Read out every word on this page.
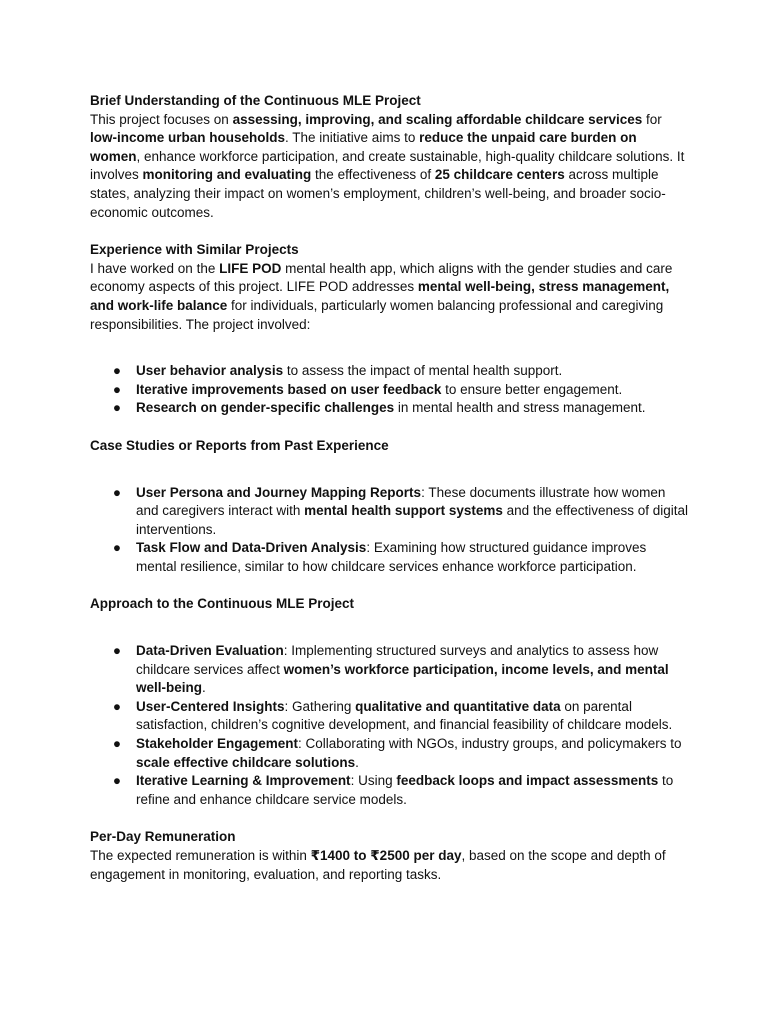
Brief Understanding of the Continuous MLE Project

This project focuses on assessing, improving, and scaling affordable childcare services for low-income urban households. The initiative aims to reduce the unpaid care burden on women, enhance workforce participation, and create sustainable, high-quality childcare solutions. It involves monitoring and evaluating the effectiveness of 25 childcare centers across multiple states, analyzing their impact on women’s employment, children’s well-being, and broader socio-economic outcomes.

Experience with Similar Projects

I have worked on the LIFE POD mental health app, which aligns with the gender studies and care economy aspects of this project. LIFE POD addresses mental well-being, stress management, and work-life balance for individuals, particularly women balancing professional and caregiving responsibilities. The project involved:

● User behavior analysis to assess the impact of mental health support.
● Iterative improvements based on user feedback to ensure better engagement.
● Research on gender-specific challenges in mental health and stress management.

Case Studies or Reports from Past Experience

● User Persona and Journey Mapping Reports: These documents illustrate how women and caregivers interact with mental health support systems and the effectiveness of digital interventions.
● Task Flow and Data-Driven Analysis: Examining how structured guidance improves mental resilience, similar to how childcare services enhance workforce participation.

Approach to the Continuous MLE Project

● Data-Driven Evaluation: Implementing structured surveys and analytics to assess how childcare services affect women’s workforce participation, income levels, and mental well-being.
● User-Centered Insights: Gathering qualitative and quantitative data on parental satisfaction, children’s cognitive development, and financial feasibility of childcare models.
● Stakeholder Engagement: Collaborating with NGOs, industry groups, and policymakers to scale effective childcare solutions.
● Iterative Learning & Improvement: Using feedback loops and impact assessments to refine and enhance childcare service models.

Per-Day Remuneration

The expected remuneration is within ₹1400 to ₹2500 per day, based on the scope and depth of engagement in monitoring, evaluation, and reporting tasks.
